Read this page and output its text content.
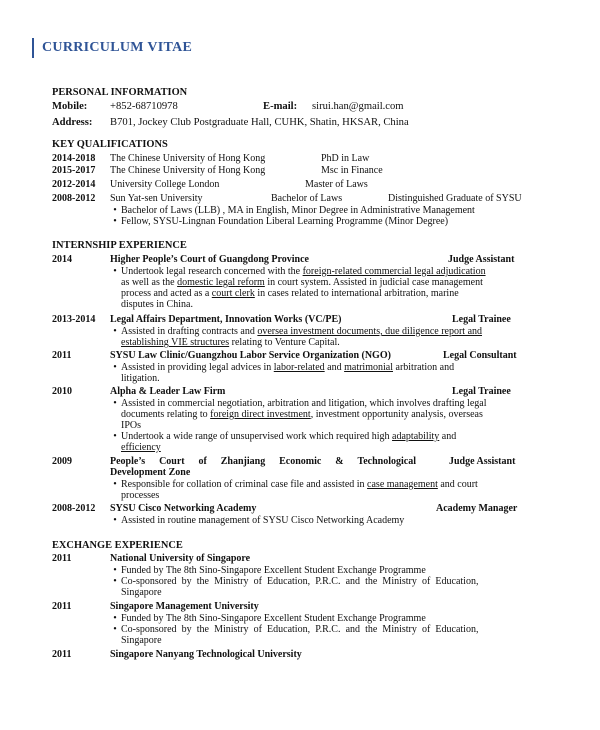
CURRICULUM VITAE
PERSONAL INFORMATION
Mobile: +852-68710978	E-mail: sirui.han@gmail.com
Address: B701, Jockey Club Postgraduate Hall, CUHK, Shatin, HKSAR, China
KEY QUALIFICATIONS
2014-2018 The Chinese University of Hong Kong	PhD in Law
2015-2017 The Chinese University of Hong Kong	Msc in Finance
2012-2014 University College London	Master of Laws
2008-2012 Sun Yat-sen University	Bachelor of Laws	Distinguished Graduate of SYSU
• Bachelor of Laws (LLB) , MA in English, Minor Degree in Administrative Management
• Fellow, SYSU-Lingnan Foundation Liberal Learning Programme (Minor Degree)
INTERNSHIP EXPERIENCE
2014	Higher People’s Court of Guangdong Province	Judge Assistant
• Undertook legal research concerned with the foreign-related commercial legal adjudication
as well as the domestic legal reform in court system. Assisted in judicial case management
process and acted as a court clerk in cases related to international arbitration, marine
disputes in China.
2013-2014 Legal Affairs Department, Innovation Works (VC/PE)	Legal Trainee
• Assisted in drafting contracts and oversea investment documents, due diligence report and
establishing VIE structures relating to Venture Capital.
2011	SYSU Law Clinic/Guangzhou Labor Service Organization (NGO)	Legal Consultant
• Assisted in providing legal advices in labor-related and matrimonial arbitration and
litigation.
2010	Alpha & Leader Law Firm	Legal Trainee
• Assisted in commercial negotiation, arbitration and litigation, which involves drafting legal
documents relating to foreign direct investment, investment opportunity analysis, overseas
IPOs
• Undertook a wide range of unsupervised work which required high adaptability and
efficiency
2009	People’s Court of Zhanjiang Economic & Technological	Judge Assistant
Development Zone
• Responsible for collation of criminal case file and assisted in case management and court
processes
2008-2012 SYSU Cisco Networking Academy	Academy Manager
• Assisted in routine management of SYSU Cisco Networking Academy
EXCHANGE EXPERIENCE
2011	National University of Singapore
• Funded by The 8th Sino-Singapore Excellent Student Exchange Programme
• Co-sponsored by the Ministry of Education, P.R.C. and the Ministry of Education,
Singapore
2011	Singapore Management University
• Funded by The 8th Sino-Singapore Excellent Student Exchange Programme
• Co-sponsored by the Ministry of Education, P.R.C. and the Ministry of Education,
Singapore
2011	Singapore Nanyang Technological University
